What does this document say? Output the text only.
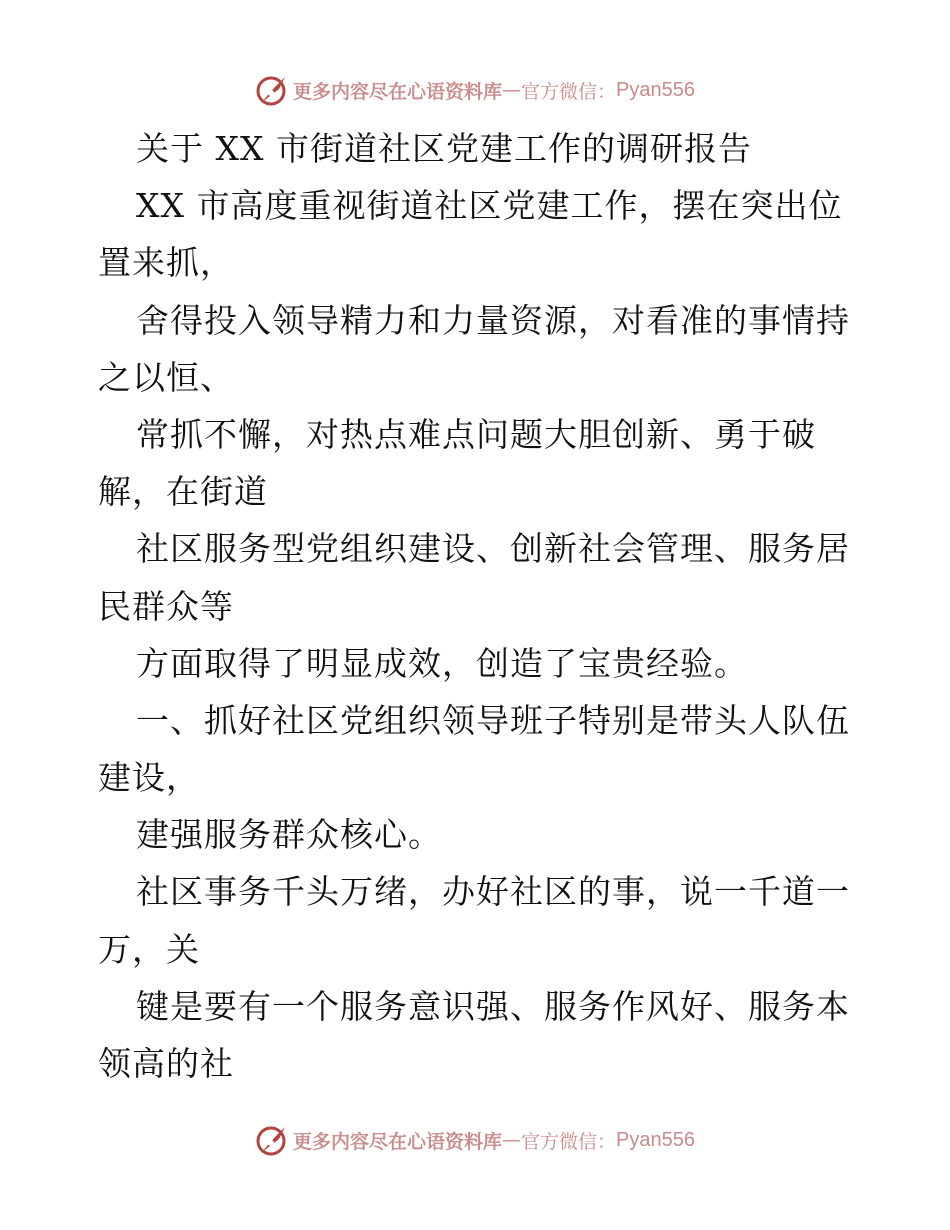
更多内容尽在心语资料库 — 官方微信： Pyan556
关于 XX 市街道社区党建工作的调研报告
XX 市高度重视街道社区党建工作，摆在突出位
置来抓，
舍得投入领导精力和力量资源，对看准的事情持
之以恒、
常抓不懈，对热点难点问题大胆创新、勇于破
解，在街道
社区服务型党组织建设、创新社会管理、服务居
民群众等
方面取得了明显成效，创造了宝贵经验。
一、抓好社区党组织领导班子特别是带头人队伍
建设，
建强服务群众核心。
社区事务千头万绪，办好社区的事，说一千道一
万，关
键是要有一个服务意识强、服务作风好、服务本
领高的社
更多内容尽在心语资料库 — 官方微信： Pyan556
